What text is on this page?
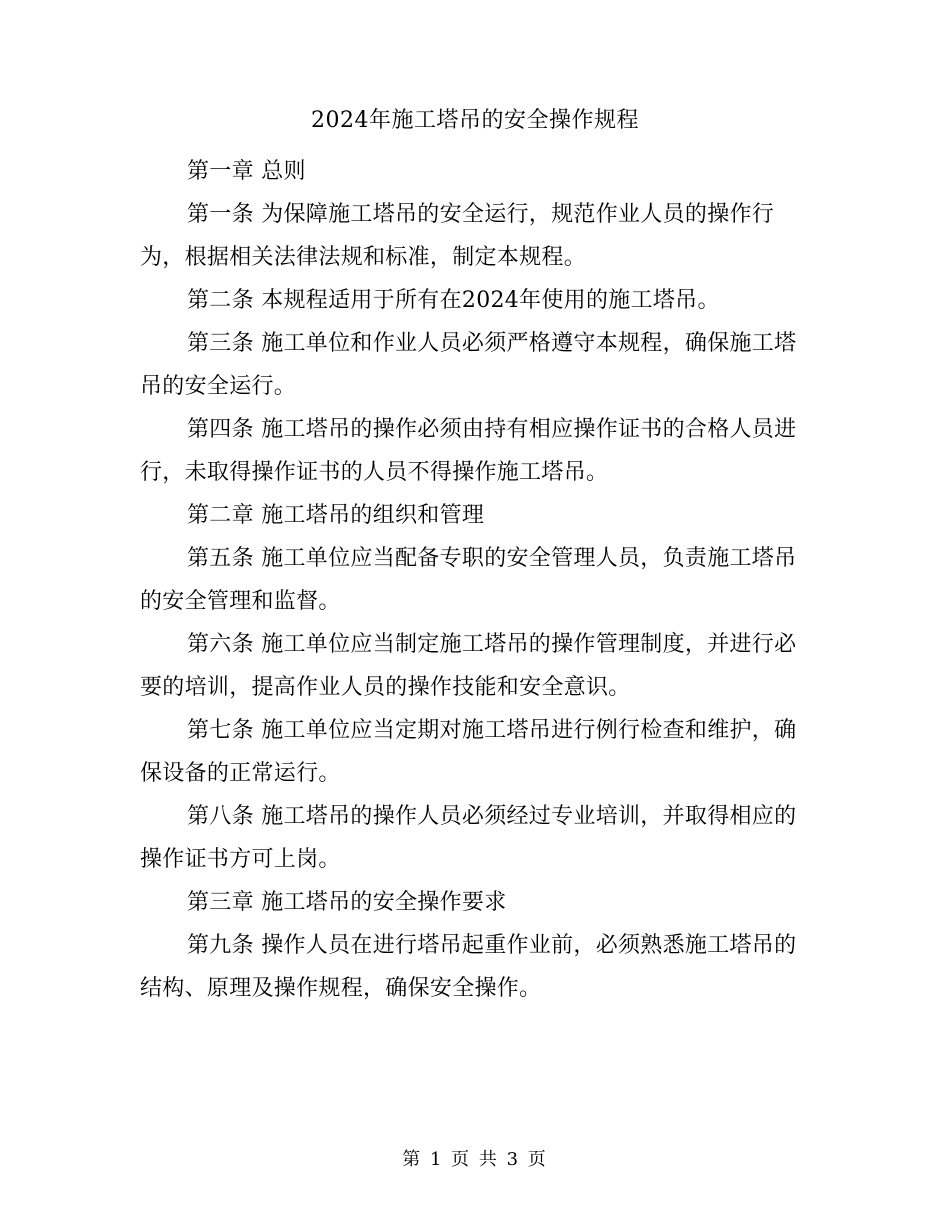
2024年施工塔吊的安全操作规程

第一章 总则

第一条 为保障施工塔吊的安全运行，规范作业人员的操作行为，根据相关法律法规和标准，制定本规程。

第二条 本规程适用于所有在2024年使用的施工塔吊。

第三条 施工单位和作业人员必须严格遵守本规程，确保施工塔吊的安全运行。

第四条 施工塔吊的操作必须由持有相应操作证书的合格人员进行，未取得操作证书的人员不得操作施工塔吊。

第二章 施工塔吊的组织和管理

第五条 施工单位应当配备专职的安全管理人员，负责施工塔吊的安全管理和监督。

第六条 施工单位应当制定施工塔吊的操作管理制度，并进行必要的培训，提高作业人员的操作技能和安全意识。

第七条 施工单位应当定期对施工塔吊进行例行检查和维护，确保设备的正常运行。

第八条 施工塔吊的操作人员必须经过专业培训，并取得相应的操作证书方可上岗。

第三章 施工塔吊的安全操作要求

第九条 操作人员在进行塔吊起重作业前，必须熟悉施工塔吊的结构、原理及操作规程，确保安全操作。

第 1 页 共 3 页
